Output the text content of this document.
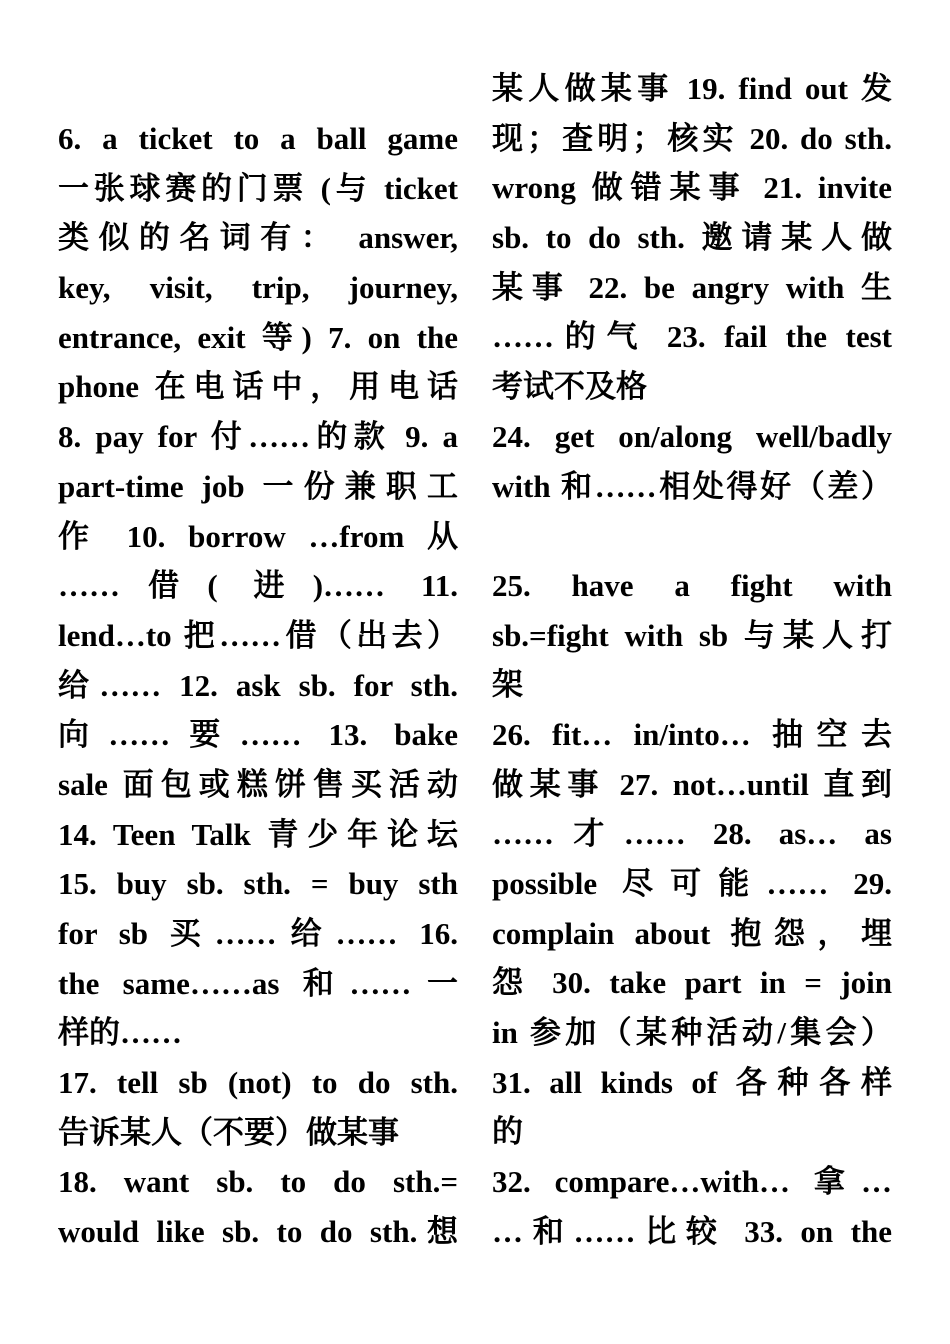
6. a ticket to a ball game
一张球赛的门票 (与 ticket
类似的名词有： answer,
key, visit, trip, journey,
entrance, exit 等) 7. on the
phone 在电话中，用电话
8. pay for 付……的款 9. a
part-time job 一份兼职工
作 10. borrow …from 从
……借( 进)…… 11.
lend…to 把……借（出去）
给…… 12. ask sb. for sth.
向……要…… 13. bake
sale 面包或糕饼售买活动
14. Teen Talk 青少年论坛
15. buy sb. sth. = buy sth
for sb 买……给…… 16.
the same……as 和……一
样的……
17. tell sb (not) to do sth.
告诉某人（不要）做某事
18. want sb. to do sth.=
would like sb. to do sth.想
某人做某事 19. find out 发
现；查明；核实 20. do sth.
wrong 做错某事 21. invite
sb. to do sth. 邀请某人做
某事 22. be angry with 生
……的气 23. fail the test
考试不及格
24. get on/along well/badly
with 和……相处得好（差）
25. have a fight with
sb.=fight with sb 与某人打
架
26. fit… in/into… 抽空去
做某事 27. not…until 直到
……才…… 28. as… as
possible 尽可能…… 29.
complain about 抱怨，埋
怨 30. take part in = join
in 参加（某种活动/集会）
31. all kinds of 各种各样
的
32. compare…with… 拿…
…和……比较 33. on the
